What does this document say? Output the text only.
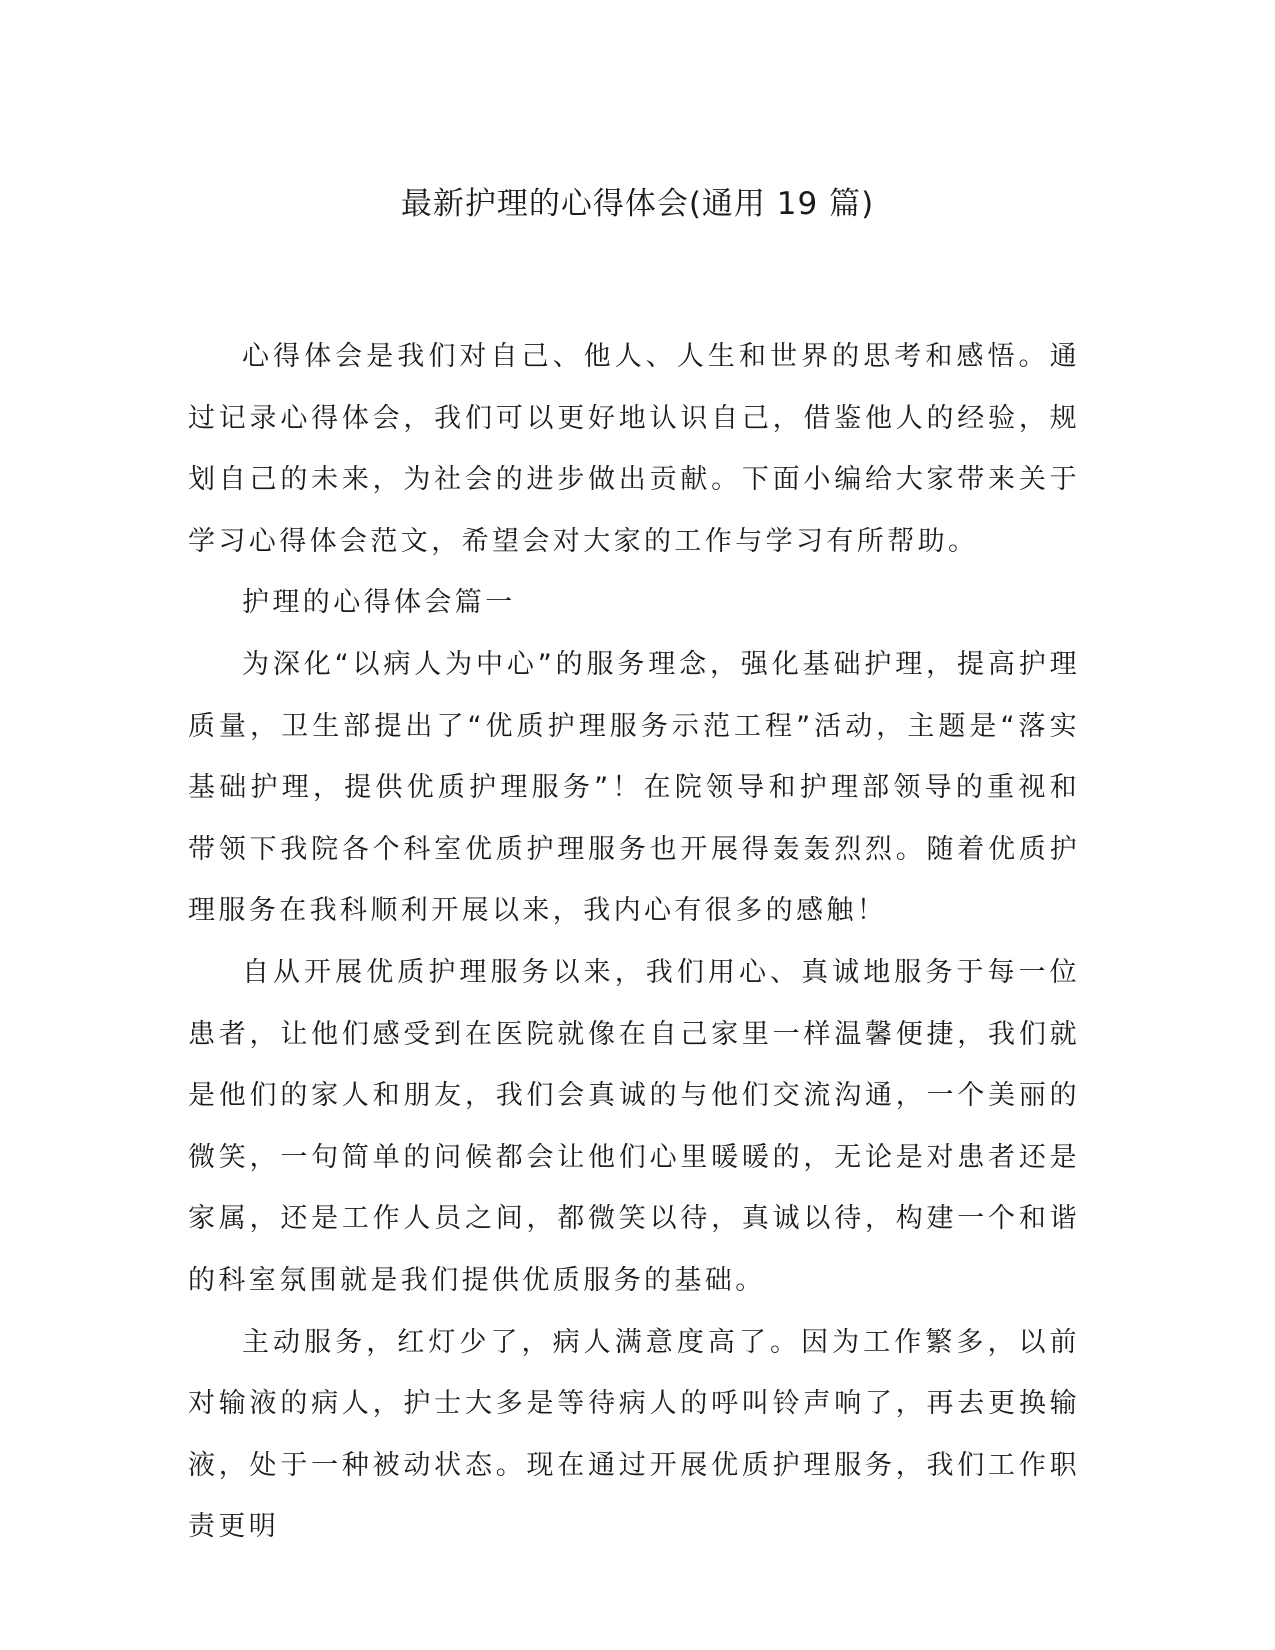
最新护理的心得体会(通用 19 篇)

心得体会是我们对自己、他人、人生和世界的思考和感悟。通过记录心得体会，我们可以更好地认识自己，借鉴他人的经验，规划自己的未来，为社会的进步做出贡献。下面小编给大家带来关于学习心得体会范文，希望会对大家的工作与学习有所帮助。

护理的心得体会篇一

为深化“以病人为中心”的服务理念，强化基础护理，提高护理质量，卫生部提出了“优质护理服务示范工程”活动，主题是“落实基础护理，提供优质护理服务”！在院领导和护理部领导的重视和带领下我院各个科室优质护理服务也开展得轰轰烈烈。随着优质护理服务在我科顺利开展以来，我内心有很多的感触！

自从开展优质护理服务以来，我们用心、真诚地服务于每一位患者，让他们感受到在医院就像在自己家里一样温馨便捷，我们就是他们的家人和朋友，我们会真诚的与他们交流沟通，一个美丽的微笑，一句简单的问候都会让他们心里暖暖的，无论是对患者还是家属，还是工作人员之间，都微笑以待，真诚以待，构建一个和谐的科室氛围就是我们提供优质服务的基础。

主动服务，红灯少了，病人满意度高了。因为工作繁多，以前对输液的病人，护士大多是等待病人的呼叫铃声响了，再去更换输液，处于一种被动状态。现在通过开展优质护理服务，我们工作职责更明
